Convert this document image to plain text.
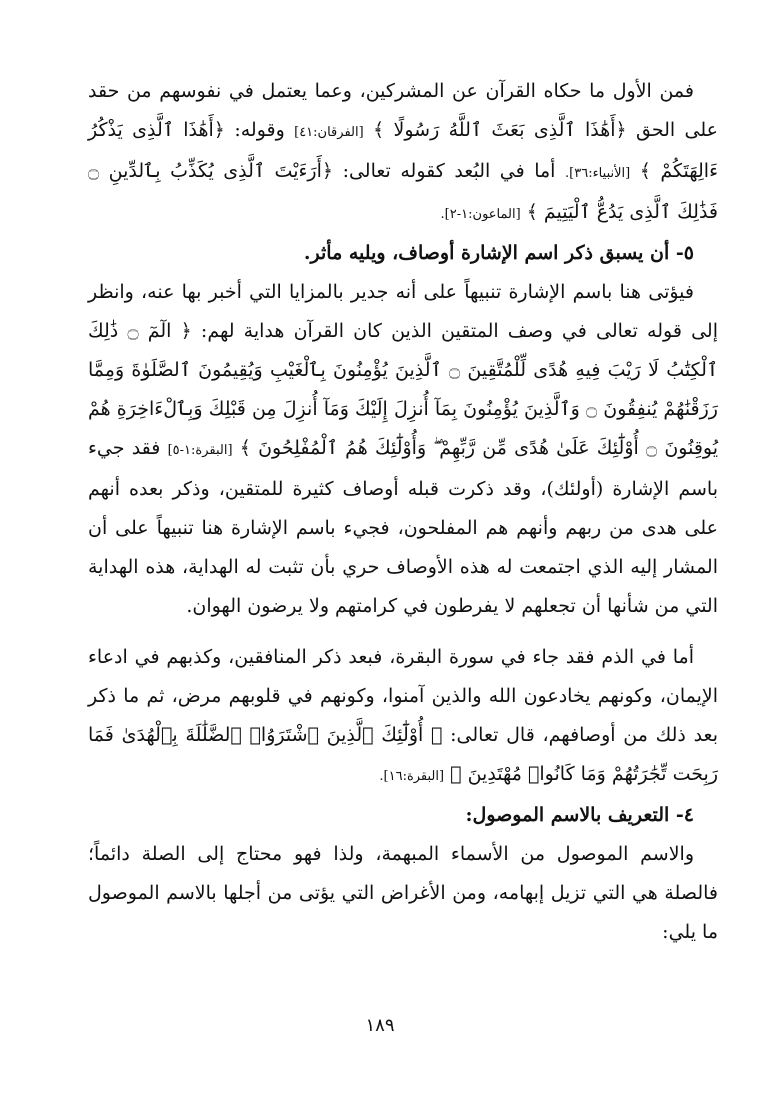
فمن الأول ما حكاه القرآن عن المشركين، وعما يعتمل في نفوسهم من حقد على الحق ﴿أَهَٰذَا ٱلَّذِى بَعَثَ ٱللَّهُ رَسُولًا ﴾ [الفرقان:٤١] وقوله: ﴿أَهَٰذَا ٱلَّذِى يَذْكُرُ ءَالِهَتَكُمْ ﴾ [الأنبياء:٣٦]. أما في البُعد كقوله تعالى: ﴿أَرَءَيْتَ ٱلَّذِى يُكَذِّبُ بِٱلدِّينِ ۝ فَذَٰلِكَ ٱلَّذِى يَدُعُّ ٱلْيَتِيمَ ﴾ [الماعون:١-٢].

٥- أن يسبق ذكر اسم الإشارة أوصاف، ويليه مأثر.

فيؤتى هنا باسم الإشارة تنبيهاً على أنه جدير بالمزايا التي أخبر بها عنه، وانظر إلى قوله تعالى في وصف المتقين الذين كان القرآن هداية لهم: ﴿ الٓمٓ ۝ ذَٰلِكَ ٱلْكِتَٰبُ لَا رَيْبَ فِيهِ هُدًى لِّلْمُتَّقِينَ ۝ ٱلَّذِينَ يُؤْمِنُونَ بِٱلْغَيْبِ وَيُقِيمُونَ ٱلصَّلَوٰةَ وَمِمَّا رَزَقْنَٰهُمْ يُنفِقُونَ ۝ وَٱلَّذِينَ يُؤْمِنُونَ بِمَآ أُنزِلَ إِلَيْكَ وَمَآ أُنزِلَ مِن قَبْلِكَ وَبِٱلْءَاخِرَةِ هُمْ يُوقِنُونَ ۝ أُوْلَٰٓئِكَ عَلَىٰ هُدًى مِّن رَّبِّهِمْ ۖ وَأُوْلَٰٓئِكَ هُمُ ٱلْمُفْلِحُونَ ﴾ [البقرة:١-٥] فقد جيء باسم الإشارة (أولئك)، وقد ذكرت قبله أوصاف كثيرة للمتقين، وذكر بعده أنهم على هدى من ربهم وأنهم هم المفلحون، فجيء باسم الإشارة هنا تنبيهاً على أن المشار إليه الذي اجتمعت له هذه الأوصاف حري بأن تثبت له الهداية، هذه الهداية التي من شأنها أن تجعلهم لا يفرطون في كرامتهم ولا يرضون الهوان.

أما في الذم فقد جاء في سورة البقرة، فبعد ذكر المنافقين، وكذبهم في ادعاء الإيمان، وكونهم يخادعون الله والذين آمنوا، وكونهم في قلوبهم مرض، ثم ما ذكر بعد ذلك من أوصافهم، قال تعالى: ﴿ أُوْلَٰٓئِكَ ٱلَّذِينَ ٱشْتَرَوُا۟ ٱلضَّلَٰلَةَ بِٱلْهُدَىٰ فَمَا رَبِحَت تِّجَٰرَتُهُمْ وَمَا كَانُوا۟ مُهْتَدِينَ ﴾ [البقرة:١٦].

٤- التعريف بالاسم الموصول:

والاسم الموصول من الأسماء المبهمة، ولذا فهو محتاج إلى الصلة دائماً؛ فالصلة هي التي تزيل إبهامه، ومن الأغراض التي يؤتى من أجلها بالاسم الموصول ما يلي:

١٨٩
